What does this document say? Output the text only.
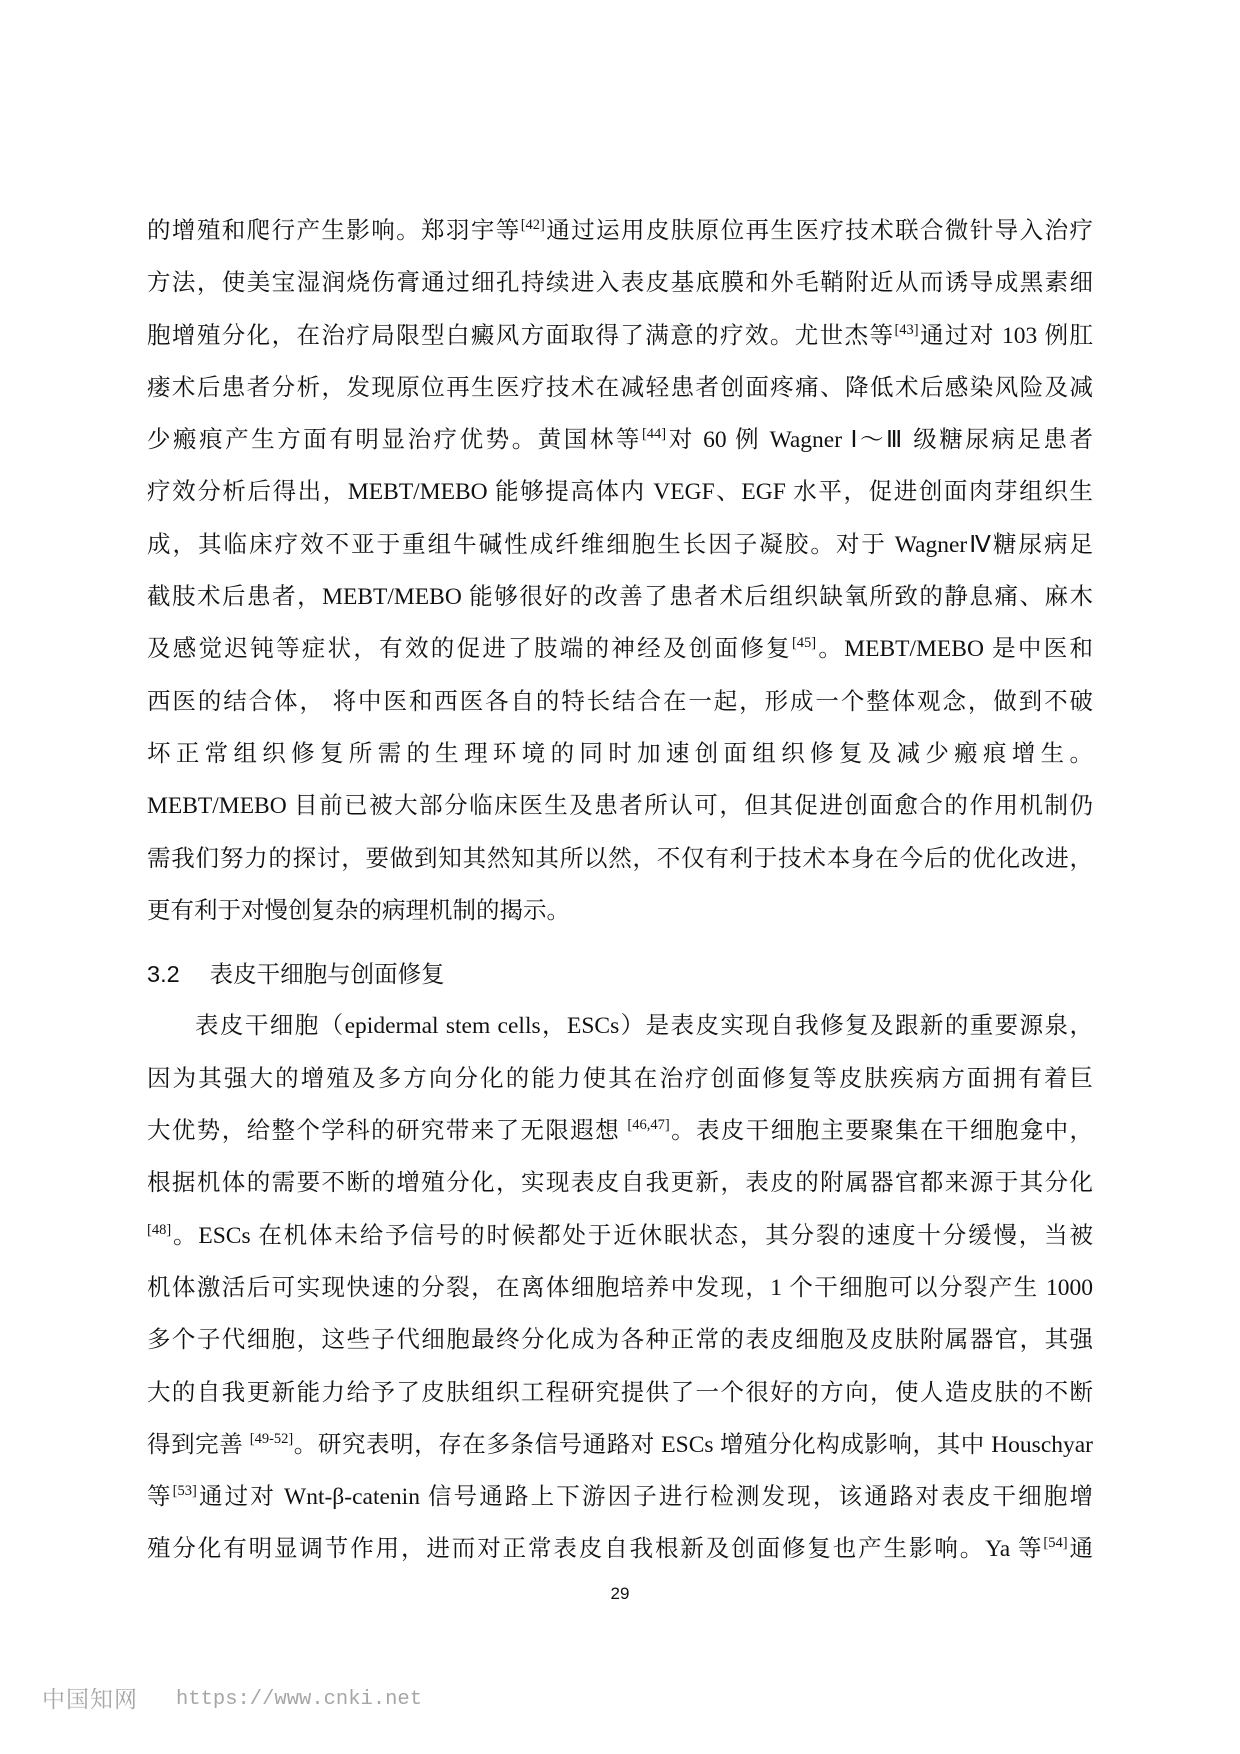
的增殖和爬行产生影响。郑羽宇等[42]通过运用皮肤原位再生医疗技术联合微针导入治疗
方法，使美宝湿润烧伤膏通过细孔持续进入表皮基底膜和外毛鞘附近从而诱导成黑素细
胞增殖分化，在治疗局限型白癜风方面取得了满意的疗效。尤世杰等[43]通过对 103 例肛
瘘术后患者分析，发现原位再生医疗技术在减轻患者创面疼痛、降低术后感染风险及减
少瘢痕产生方面有明显治疗优势。黄国林等[44]对 60 例 Wagner Ⅰ～Ⅲ 级糖尿病足患者
疗效分析后得出，MEBT/MEBO 能够提高体内 VEGF、EGF 水平，促进创面肉芽组织生
成，其临床疗效不亚于重组牛碱性成纤维细胞生长因子凝胶。对于 WagnerⅣ糖尿病足
截肢术后患者，MEBT/MEBO 能够很好的改善了患者术后组织缺氧所致的静息痛、麻木
及感觉迟钝等症状，有效的促进了肢端的神经及创面修复[45]。MEBT/MEBO 是中医和
西医的结合体， 将中医和西医各自的特长结合在一起，形成一个整体观念，做到不破
坏正常组织修复所需的生理环境的同时加速创面组织修复及减少瘢痕增生。
MEBT/MEBO 目前已被大部分临床医生及患者所认可，但其促进创面愈合的作用机制仍
需我们努力的探讨，要做到知其然知其所以然，不仅有利于技术本身在今后的优化改进，
更有利于对慢创复杂的病理机制的揭示。
3.2 表皮干细胞与创面修复
表皮干细胞（epidermal stem cells，ESCs）是表皮实现自我修复及跟新的重要源泉，
因为其强大的增殖及多方向分化的能力使其在治疗创面修复等皮肤疾病方面拥有着巨
大优势，给整个学科的研究带来了无限遐想 [46,47]。表皮干细胞主要聚集在干细胞龛中，
根据机体的需要不断的增殖分化，实现表皮自我更新，表皮的附属器官都来源于其分化
[48]。ESCs 在机体未给予信号的时候都处于近休眠状态，其分裂的速度十分缓慢，当被
机体激活后可实现快速的分裂，在离体细胞培养中发现，1 个干细胞可以分裂产生 1000
多个子代细胞，这些子代细胞最终分化成为各种正常的表皮细胞及皮肤附属器官，其强
大的自我更新能力给予了皮肤组织工程研究提供了一个很好的方向，使人造皮肤的不断
得到完善 [49-52]。研究表明，存在多条信号通路对 ESCs 增殖分化构成影响，其中 Houschyar
等[53]通过对 Wnt-β-catenin 信号通路上下游因子进行检测发现，该通路对表皮干细胞增
殖分化有明显调节作用，进而对正常表皮自我根新及创面修复也产生影响。Ya 等[54]通
29
中国知网 https://www.cnki.net
